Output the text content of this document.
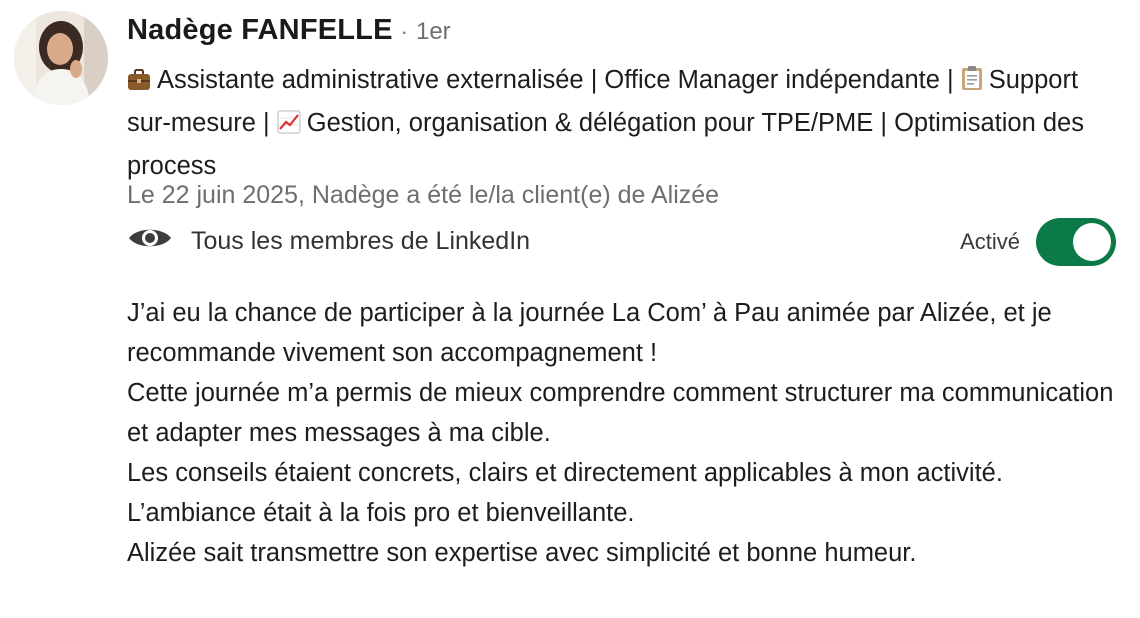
Nadège FANFELLE · 1er
Assistante administrative externalisée | Office Manager indépendante | Support sur-mesure | Gestion, organisation & délégation pour TPE/PME | Optimisation des process
Le 22 juin 2025, Nadège a été le/la client(e) de Alizée
Tous les membres de LinkedIn	Activé

J’ai eu la chance de participer à la journée La Com’ à Pau animée par Alizée, et je recommande vivement son accompagnement !

Cette journée m’a permis de mieux comprendre comment structurer ma communication et adapter mes messages à ma cible.

Les conseils étaient concrets, clairs et directement applicables à mon activité.

L’ambiance était à la fois pro et bienveillante.

Alizée sait transmettre son expertise avec simplicité et bonne humeur.
